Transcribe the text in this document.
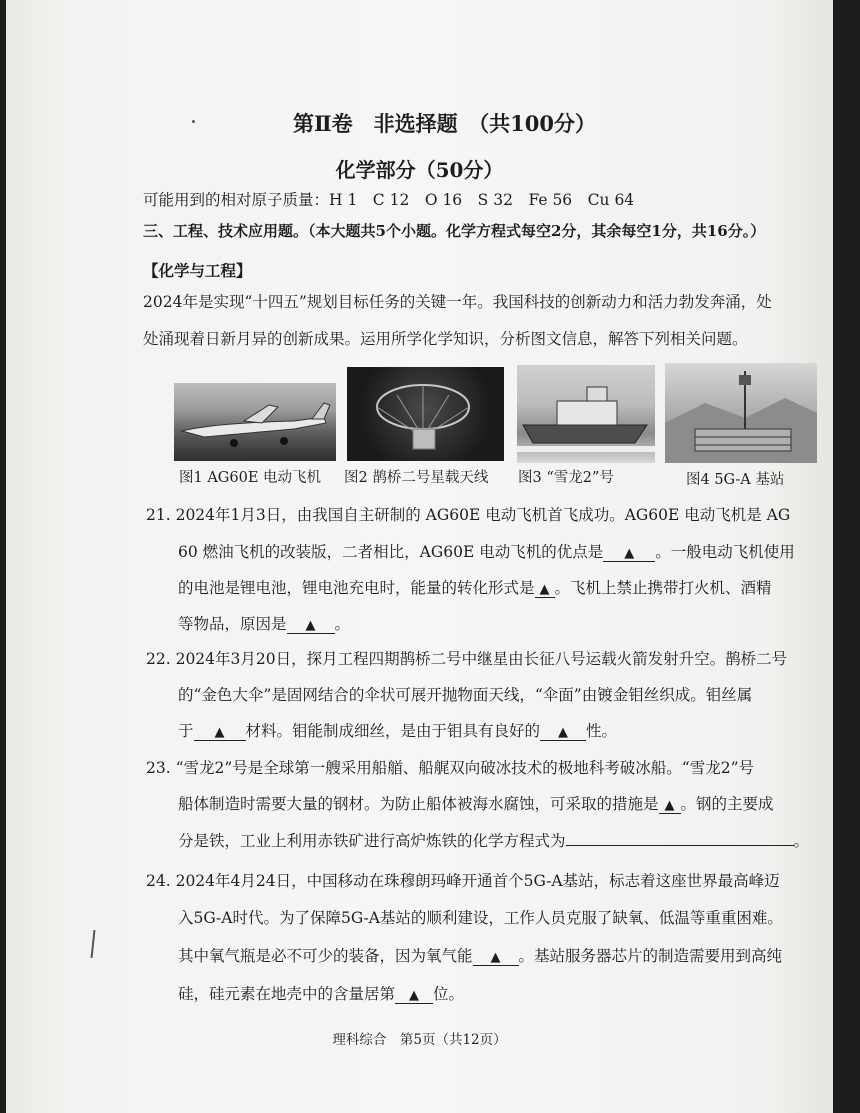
第Ⅱ卷　非选择题　（共100分）
化学部分（50分）
可能用到的相对原子质量：H 1　C 12　O 16　S 32　Fe 56　Cu 64
三、工程、技术应用题。（本大题共5个小题。化学方程式每空2分，其余每空1分，共16分。）
【化学与工程】
2024年是实现“十四五”规划目标任务的关键一年。我国科技的创新动力和活力勃发奔涌，处
处涌现着日新月异的创新成果。运用所学化学知识，分析图文信息，解答下列相关问题。
图1 AG60E 电动飞机 图2 鹊桥二号星载天线 图3 “雪龙2”号	图4 5G-A 基站
21. 2024年1月3日，由我国自主研制的 AG60E 电动飞机首飞成功。AG60E 电动飞机是 AG
60 燃油飞机的改装版，二者相比，AG60E 电动飞机的优点是 ▲ 。一般电动飞机使用
的电池是锂电池，锂电池充电时，能量的转化形式是 ▲ 。飞机上禁止携带打火机、酒精
等物品，原因是 ▲ 。
22. 2024年3月20日，探月工程四期鹊桥二号中继星由长征八号运载火箭发射升空。鹊桥二号
的“金色大伞”是固网结合的伞状可展开抛物面天线，“伞面”由镀金钼丝织成。钼丝属
于 ▲ 材料。钼能制成细丝，是由于钼具有良好的 ▲ 性。
23. “雪龙2”号是全球第一艘采用船艏、船艉双向破冰技术的极地科考破冰船。“雪龙2”号
船体制造时需要大量的钢材。为防止船体被海水腐蚀，可采取的措施是 ▲ 。钢的主要成
分是铁，工业上利用赤铁矿进行高炉炼铁的化学方程式为	。
24. 2024年4月24日，中国移动在珠穆朗玛峰开通首个5G-A基站，标志着这座世界最高峰迈
入5G-A时代。为了保障5G-A基站的顺利建设，工作人员克服了缺氧、低温等重重困难。
其中氧气瓶是必不可少的装备，因为氧气能 ▲ 。基站服务器芯片的制造需要用到高纯
硅，硅元素在地壳中的含量居第 ▲ 位。
理科综合　第5页（共12页）
